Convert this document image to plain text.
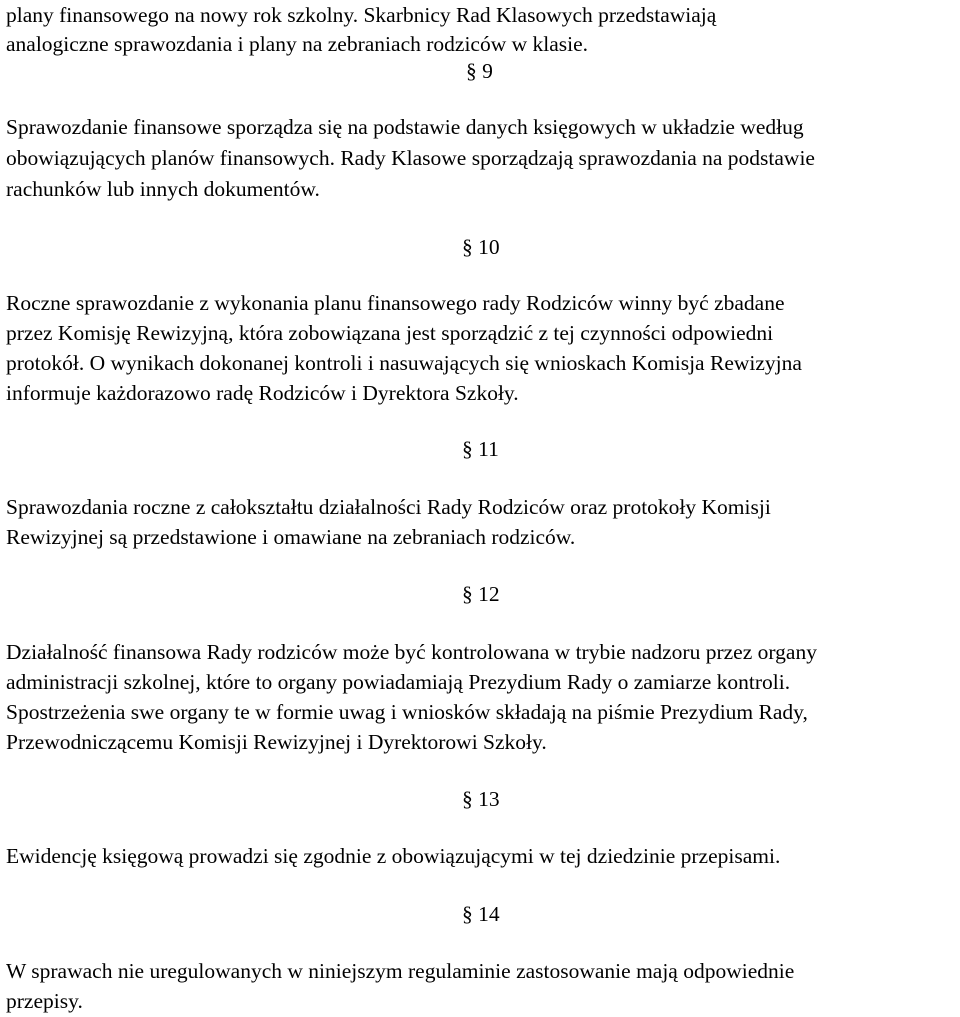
plany finansowego na nowy rok szkolny. Skarbnicy Rad Klasowych przedstawiają
analogiczne sprawozdania i plany na zebraniach rodziców w klasie.
§ 9
Sprawozdanie finansowe sporządza się na podstawie danych księgowych w układzie według
obowiązujących planów finansowych. Rady Klasowe sporządzają sprawozdania na podstawie
rachunków lub innych dokumentów.
§ 10
Roczne sprawozdanie z wykonania planu finansowego rady Rodziców winny być zbadane
przez Komisję Rewizyjną, która zobowiązana jest sporządzić z tej czynności odpowiedni
protokół. O wynikach dokonanej kontroli i nasuwających się wnioskach Komisja Rewizyjna
informuje każdorazowo radę Rodziców i Dyrektora Szkoły.
§ 11
Sprawozdania roczne z całokształtu działalności Rady Rodziców oraz protokoły Komisji
Rewizyjnej są przedstawione i omawiane na zebraniach rodziców.
§ 12
Działalność finansowa Rady rodziców może być kontrolowana w trybie nadzoru przez organy
administracji szkolnej, które to organy powiadamiają Prezydium Rady o zamiarze kontroli.
Spostrzeżenia swe organy te w formie uwag i wniosków składają na piśmie Prezydium Rady,
Przewodniczącemu Komisji Rewizyjnej i Dyrektorowi Szkoły.
§ 13
Ewidencję księgową prowadzi się zgodnie z obowiązującymi w tej dziedzinie przepisami.
§ 14
W sprawach nie uregulowanych w niniejszym regulaminie zastosowanie mają odpowiednie
przepisy.
